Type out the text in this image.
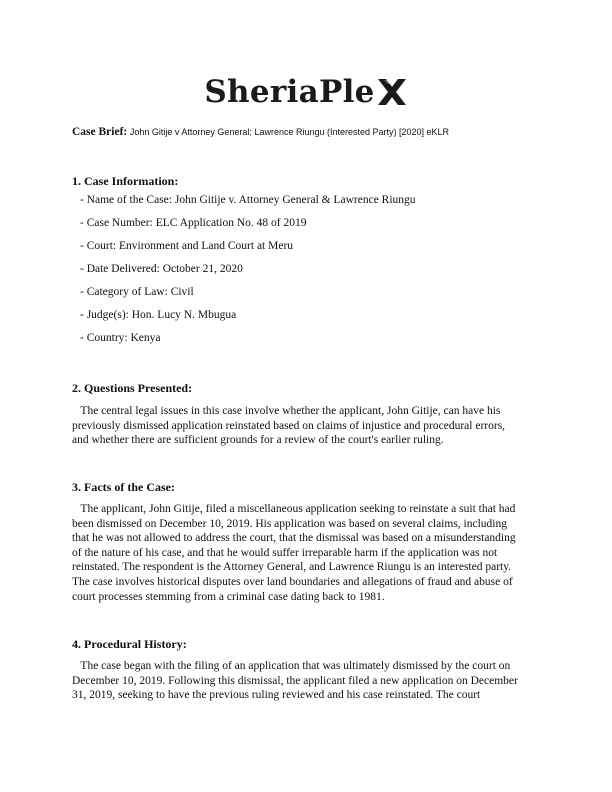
SheriaPle
Case Brief: John Gitije v Attorney General; Lawrence Riungu (Interested Party) [2020] eKLR
1. Case Information:
- Name of the Case: John Gitije v. Attorney General & Lawrence Riungu
- Case Number: ELC Application No. 48 of 2019
- Court: Environment and Land Court at Meru
- Date Delivered: October 21, 2020
- Category of Law: Civil
- Judge(s): Hon. Lucy N. Mbugua
- Country: Kenya
2. Questions Presented:

The central legal issues in this case involve whether the applicant, John Gitije, can have his
previously dismissed application reinstated based on claims of injustice and procedural errors,
and whether there are sufficient grounds for a review of the court's earlier ruling.

3. Facts of the Case:

The applicant, John Gitije, filed a miscellaneous application seeking to reinstate a suit that had
been dismissed on December 10, 2019. His application was based on several claims, including
that he was not allowed to address the court, that the dismissal was based on a misunderstanding
of the nature of his case, and that he would suffer irreparable harm if the application was not
reinstated. The respondent is the Attorney General, and Lawrence Riungu is an interested party.
The case involves historical disputes over land boundaries and allegations of fraud and abuse of
court processes stemming from a criminal case dating back to 1981.

4. Procedural History:

The case began with the filing of an application that was ultimately dismissed by the court on
December 10, 2019. Following this dismissal, the applicant filed a new application on December
31, 2019, seeking to have the previous ruling reviewed and his case reinstated. The court
